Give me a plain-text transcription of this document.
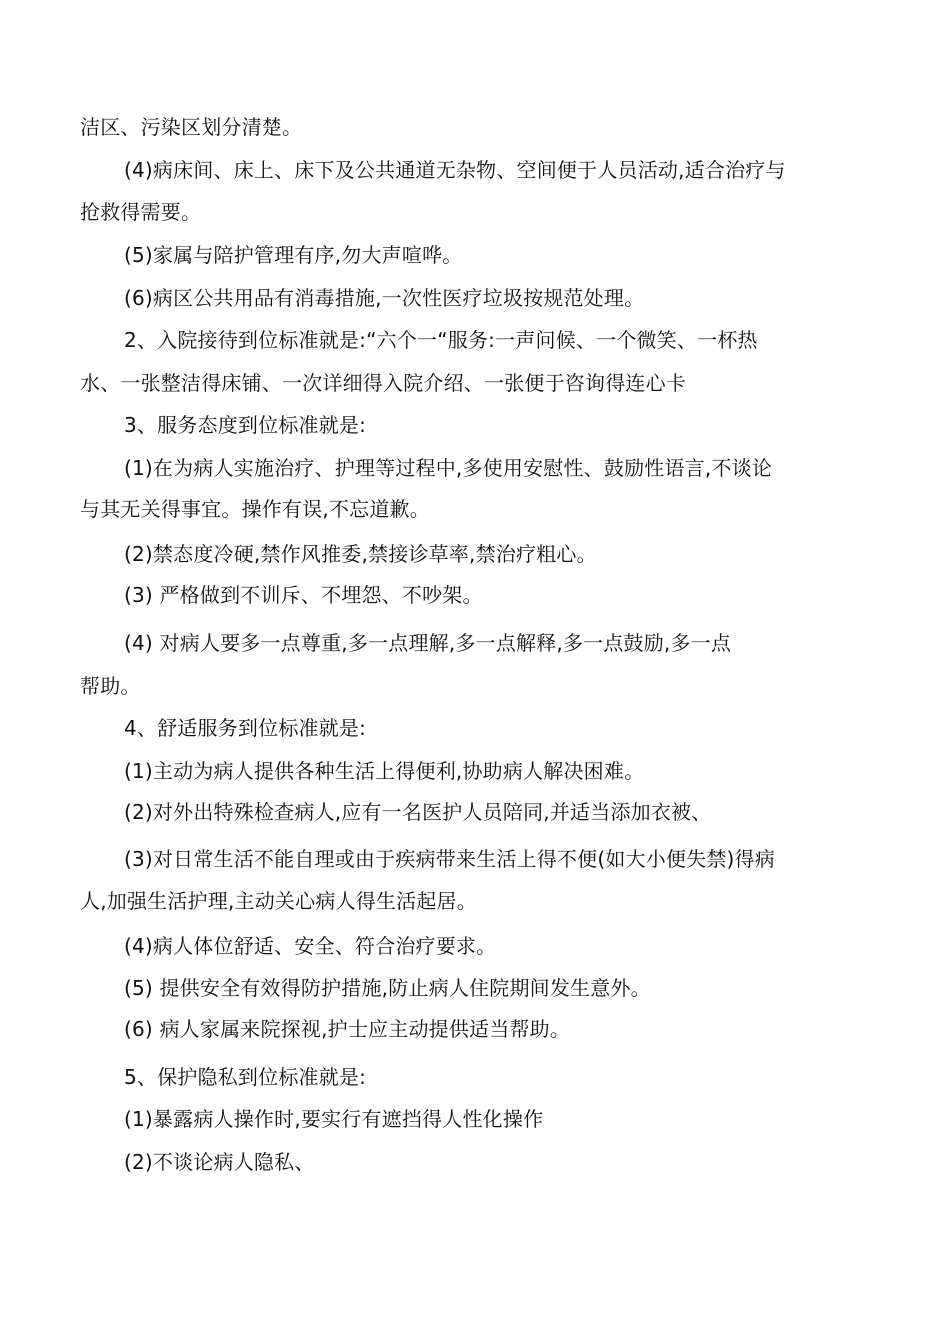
洁区、污染区划分清楚。
(4)病床间、床上、床下及公共通道无杂物、空间便于人员活动,适合治疗与
抢救得需要。
(5)家属与陪护管理有序,勿大声喧哗。
(6)病区公共用品有消毒措施,一次性医疗垃圾按规范处理。
2、入院接待到位标准就是:“六个一“服务:一声问候、一个微笑、一杯热
水、一张整洁得床铺、一次详细得入院介绍、一张便于咨询得连心卡
3、服务态度到位标准就是:
(1)在为病人实施治疗、护理等过程中,多使用安慰性、鼓励性语言,不谈论
与其无关得事宜。操作有误,不忘道歉。
(2)禁态度冷硬,禁作风推委,禁接诊草率,禁治疗粗心。
(3) 严格做到不训斥、不埋怨、不吵架。
(4) 对病人要多一点尊重,多一点理解,多一点解释,多一点鼓励,多一点
帮助。
4、舒适服务到位标准就是:
(1)主动为病人提供各种生活上得便利,协助病人解决困难。
(2)对外出特殊检查病人,应有一名医护人员陪同,并适当添加衣被、
(3)对日常生活不能自理或由于疾病带来生活上得不便(如大小便失禁)得病
人,加强生活护理,主动关心病人得生活起居。
(4)病人体位舒适、安全、符合治疗要求。
(5) 提供安全有效得防护措施,防止病人住院期间发生意外。
(6) 病人家属来院探视,护士应主动提供适当帮助。
5、保护隐私到位标准就是:
(1)暴露病人操作时,要实行有遮挡得人性化操作
(2)不谈论病人隐私、
